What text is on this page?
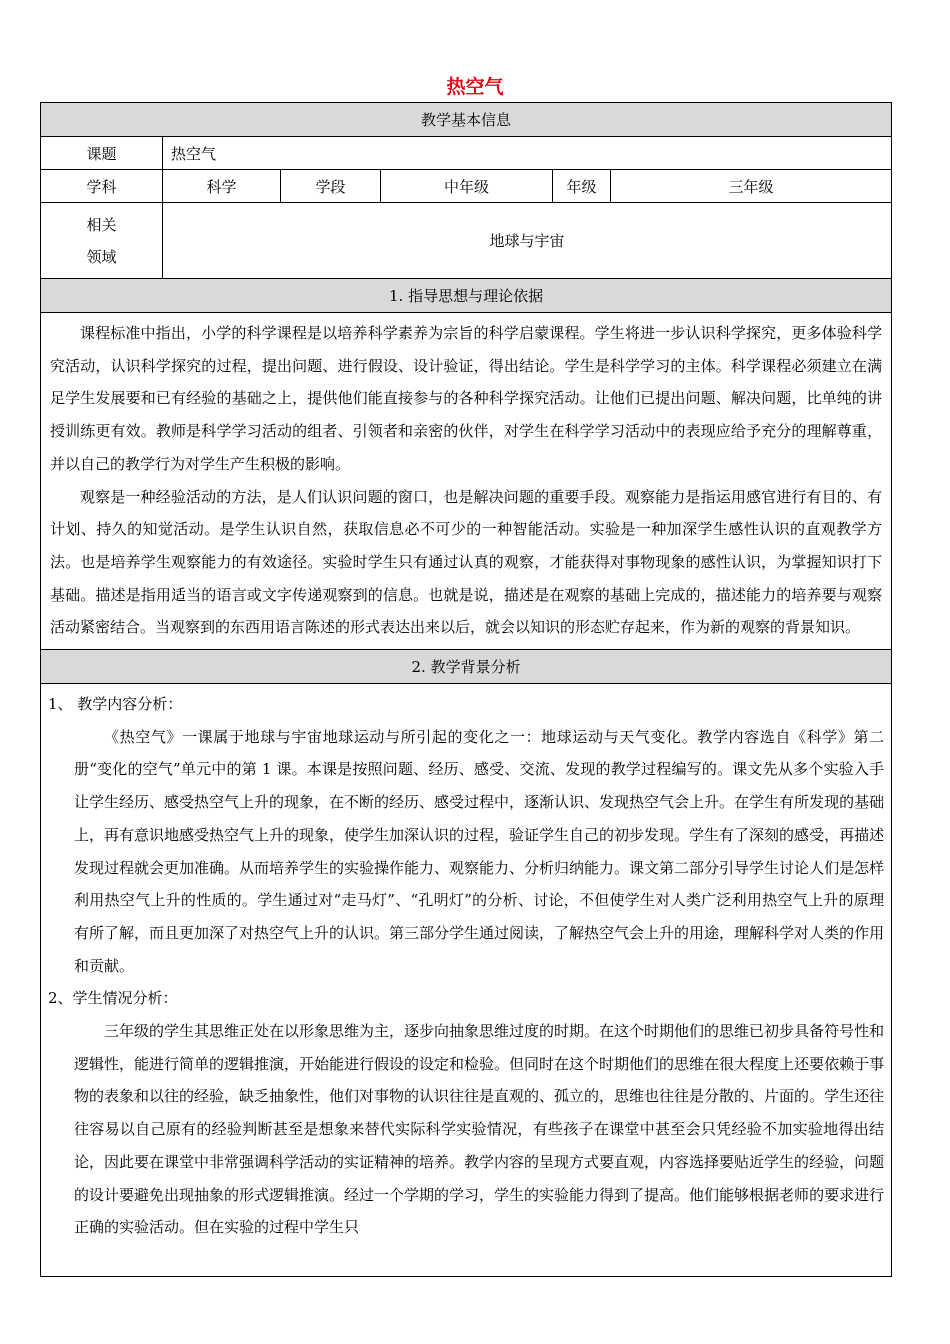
热空气
教学基本信息					
课题	热空气				
学科	科学	学段	中年级	年级	三年级

相关
领域	地球与宇宙				
1. 指导思想与理论依据					

课程标准中指出，小学的科学课程是以培养科学素养为宗旨的科学启蒙课程。学生将进一步认识科学探究，更多体验科学究活动，认识科学探究的过程，提出问题、进行假设、设计验证，得出结论。学生是科学学习的主体。科学课程必须建立在满足学生发展要和已有经验的基础之上，提供他们能直接参与的各种科学探究活动。让他们已提出问题、解决问题，比单纯的讲授训练更有效。教师是科学学习活动的组者、引领者和亲密的伙伴，对学生在科学学习活动中的表现应给予充分的理解尊重，并以自己的教学行为对学生产生积极的影响。

观察是一种经验活动的方法，是人们认识问题的窗口，也是解决问题的重要手段。观察能力是指运用感官进行有目的、有计划、持久的知觉活动。是学生认识自然，获取信息必不可少的一种智能活动。实验是一种加深学生感性认识的直观教学方法。也是培养学生观察能力的有效途径。实验时学生只有通过认真的观察，才能获得对事物现象的感性认识，为掌握知识打下基础。描述是指用适当的语言或文字传递观察到的信息。也就是说，描述是在观察的基础上完成的，描述能力的培养要与观察活动紧密结合。当观察到的东西用语言陈述的形式表达出来以后，就会以知识的形态贮存起来，作为新的观察的背景知识。					

2. 教学背景分析					

1、 教学内容分析：

《热空气》一课属于地球与宇宙地球运动与所引起的变化之一：地球运动与天气变化。教学内容选自《科学》第二册“变化的空气”单元中的第 1 课。本课是按照问题、经历、感受、交流、发现的教学过程编写的。课文先从多个实验入手让学生经历、感受热空气上升的现象，在不断的经历、感受过程中，逐渐认识、发现热空气会上升。在学生有所发现的基础上，再有意识地感受热空气上升的现象，使学生加深认识的过程，验证学生自己的初步发现。学生有了深刻的感受，再描述发现过程就会更加准确。从而培养学生的实验操作能力、观察能力、分析归纳能力。课文第二部分引导学生讨论人们是怎样利用热空气上升的性质的。学生通过对“走马灯”、“孔明灯”的分析、讨论，不但使学生对人类广泛利用热空气上升的原理有所了解，而且更加深了对热空气上升的认识。第三部分学生通过阅读，了解热空气会上升的用途，理解科学对人类的作用和贡献。

2、学生情况分析：

三年级的学生其思维正处在以形象思维为主，逐步向抽象思维过度的时期。在这个时期他们的思维已初步具备符号性和逻辑性，能进行简单的逻辑推演，开始能进行假设的设定和检验。但同时在这个时期他们的思维在很大程度上还要依赖于事物的表象和以往的经验，缺乏抽象性，他们对事物的认识往往是直观的、孤立的，思维也往往是分散的、片面的。学生还往往容易以自己原有的经验判断甚至是想象来替代实际科学实验情况，有些孩子在课堂中甚至会只凭经验不加实验地得出结论，因此要在课堂中非常强调科学活动的实证精神的培养。教学内容的呈现方式要直观，内容选择要贴近学生的经验，问题的设计要避免出现抽象的形式逻辑推演。经过一个学期的学习，学生的实验能力得到了提高。他们能够根据老师的要求进行正确的实验活动。但在实验的过程中学生只					
